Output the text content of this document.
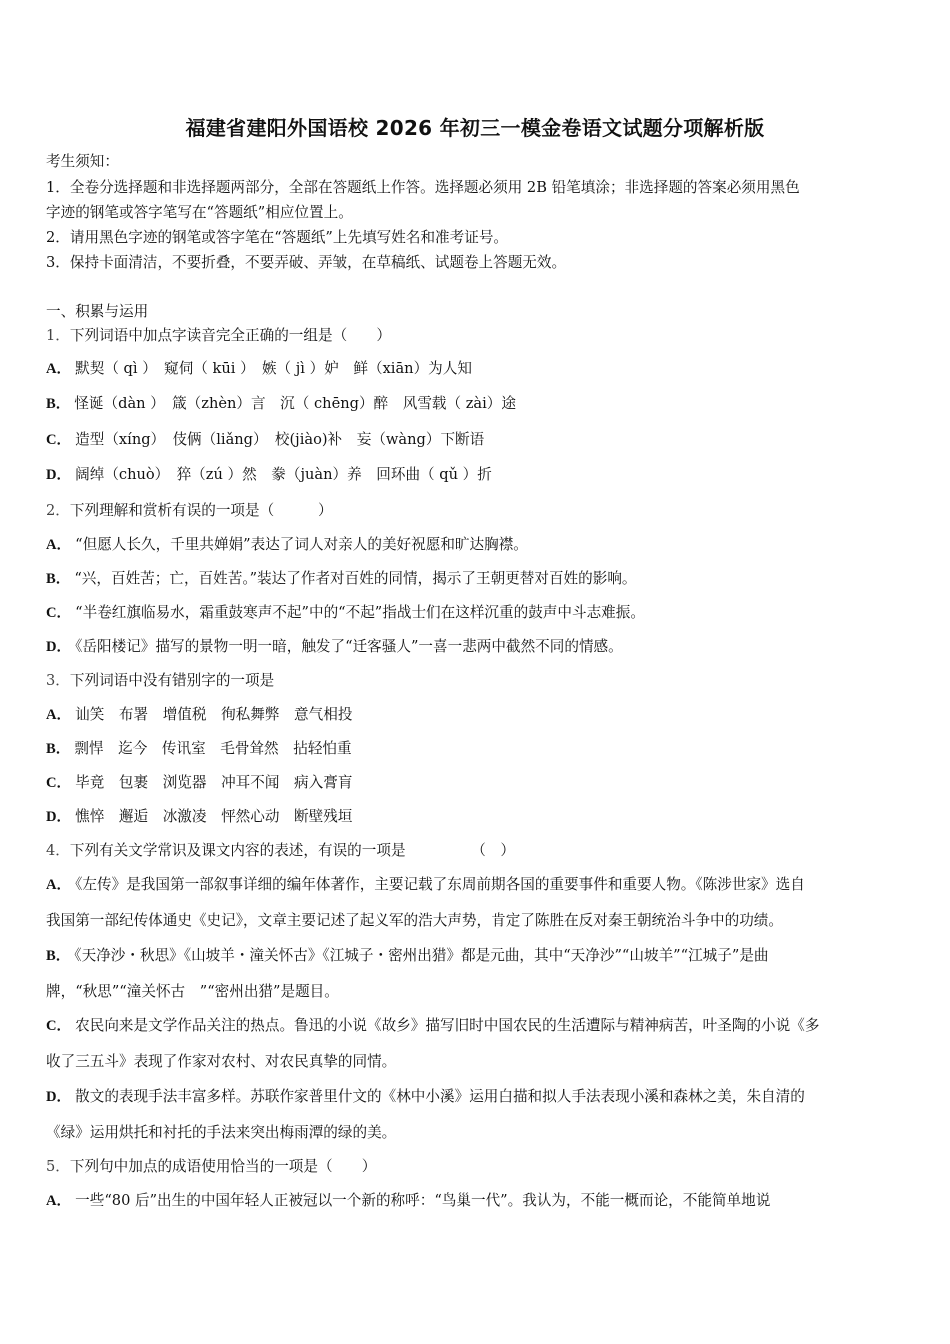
福建省建阳外国语校 2026 年初三一模金卷语文试题分项解析版
考生须知：
1．全卷分选择题和非选择题两部分，全部在答题纸上作答。选择题必须用 2B 铅笔填涂；非选择题的答案必须用黑色
字迹的钢笔或答字笔写在“答题纸”相应位置上。
2．请用黑色字迹的钢笔或答字笔在“答题纸”上先填写姓名和准考证号。
3．保持卡面清洁，不要折叠，不要弄破、弄皱，在草稿纸、试题卷上答题无效。
一、积累与运用
1．下列词语中加点字读音完全正确的一组是（　　）
A． 默契（ qì ）　窥伺（ kūi ）　嫉（ jì ）妒　鲜（xiān）为人知
B． 怪诞（dàn ）　箴（zhèn）言　沉（ chēng）醉　风雪载（ zài）途
C． 造型（xíng）　伎俩（liǎng）　校(jiào)补　妄（wàng）下断语
D． 阔绰（chuò）　猝（zú ）然　豢（juàn）养　回环曲（ qǔ ）折
2．下列理解和赏析有误的一项是（　　　）
A． “但愿人长久，千里共婵娟”表达了词人对亲人的美好祝愿和旷达胸襟。
B． “兴，百姓苦；亡，百姓苦。”装达了作者对百姓的同情，揭示了王朝更替对百姓的影响。
C． “半卷红旗临易水，霜重鼓寒声不起”中的“不起”指战士们在这样沉重的鼓声中斗志难振。
D． 《岳阳楼记》描写的景物一明一暗，触发了“迁客骚人”一喜一悲两中截然不同的情感。
3．下列词语中没有错别字的一项是
A． 讪笑　布署　增值税　徇私舞弊　意气相投
B． 剽悍　迄今　传讯室　毛骨耸然　拈轻怕重
C． 毕竟　包裹　浏览器　冲耳不闻　病入膏肓
D． 憔悴　邂逅　冰激凌　怦然心动　断壁残垣
4．下列有关文学常识及课文内容的表述，有误的一项是　　　　　（　）
A． 《左传》是我国第一部叙事详细的编年体著作，主要记载了东周前期各国的重要事件和重要人物。《陈涉世家》选自
我国第一部纪传体通史《史记》，文章主要记述了起义军的浩大声势，肯定了陈胜在反对秦王朝统治斗争中的功绩。
B． 《天净沙・秋思》《山坡羊・潼关怀古》《江城子・密州出猎》都是元曲，其中“天净沙”“山坡羊”“江城子”是曲
牌，“秋思”“潼关怀古　”“密州出猎”是题目。
C． 农民向来是文学作品关注的热点。鲁迅的小说《故乡》描写旧时中国农民的生活遭际与精神病苦，叶圣陶的小说《多
收了三五斗》表现了作家对农村、对农民真挚的同情。
D． 散文的表现手法丰富多样。苏联作家普里什文的《林中小溪》运用白描和拟人手法表现小溪和森林之美，朱自清的
《绿》运用烘托和衬托的手法来突出梅雨潭的绿的美。
5．下列句中加点的成语使用恰当的一项是（　　）
A． 一些“80 后”出生的中国年轻人正被冠以一个新的称呼：“鸟巢一代”。我认为，不能一概而论，不能简单地说
